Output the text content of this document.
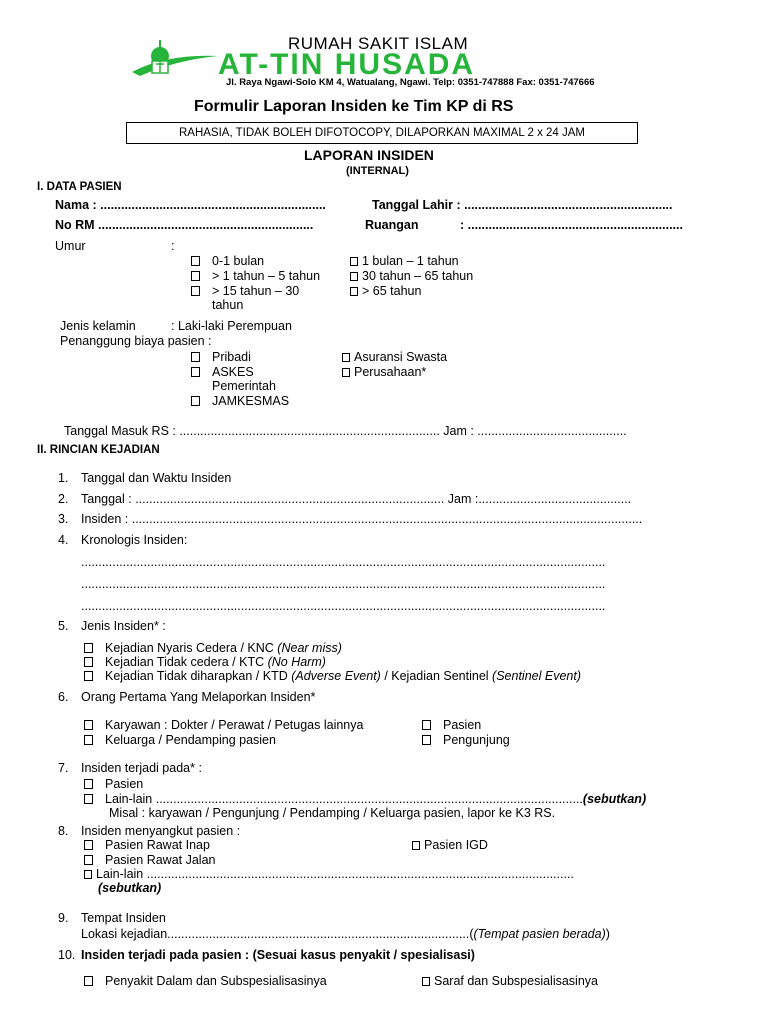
RUMAH SAKIT ISLAM
AT-TIN HUSADA
Jl. Raya Ngawi-Solo KM 4, Watualang, Ngawi. Telp: 0351-747888 Fax: 0351-747666
Formulir Laporan Insiden ke Tim KP di RS
RAHASIA, TIDAK BOLEH DIFOTOCOPY, DILAPORKAN MAXIMAL 2 x 24 JAM
LAPORAN INSIDEN
(INTERNAL)
I. DATA PASIEN
Nama : .................................................................	Tanggal Lahir : ............................................................
No RM ..............................................................	Ruangan	: ..............................................................
Umur	:
0-1 bulan	1 bulan – 1 tahun
> 1 tahun – 5 tahun	30 tahun – 65 tahun
> 15 tahun – 30	> 65 tahun
tahun
Jenis kelamin	: Laki-laki Perempuan
Penanggung biaya pasien :
Pribadi	Asuransi Swasta
ASKES	Perusahaan*
Pemerintah
JAMKESMAS
Tanggal Masuk RS : ........................................................................... Jam : ...........................................
II. RINCIAN KEJADIAN
1. Tanggal dan Waktu Insiden
2. Tanggal : ......................................................................................... Jam :............................................
3. Insiden : ...................................................................................................................................................
4. Kronologis Insiden:
.......................................................................................................................................................
.......................................................................................................................................................
.......................................................................................................................................................
5. Jenis Insiden* :
Kejadian Nyaris Cedera / KNC (Near miss)
Kejadian Tidak cedera / KTC (No Harm)
Kejadian Tidak diharapkan / KTD (Adverse Event) / Kejadian Sentinel (Sentinel Event)
6. Orang Pertama Yang Melaporkan Insiden*
Karyawan : Dokter / Perawat / Petugas lainnya	Pasien
Keluarga / Pendamping pasien	Pengunjung
7. Insiden terjadi pada* :
Pasien
Lain-lain ...........................................................................................................................(sebutkan)
Misal : karyawan / Pengunjung / Pendamping / Keluarga pasien, lapor ke K3 RS.
8. Insiden menyangkut pasien :
Pasien Rawat Inap	Pasien IGD
Pasien Rawat Jalan
Lain-lain ...........................................................................................................................
(sebutkan)
9. Tempat Insiden
Lokasi kejadian.......................................................................................((Tempat pasien berada))
10. Insiden terjadi pada pasien : (Sesuai kasus penyakit / spesialisasi)
Penyakit Dalam dan Subspesialisasinya	Saraf dan Subspesialisasinya
